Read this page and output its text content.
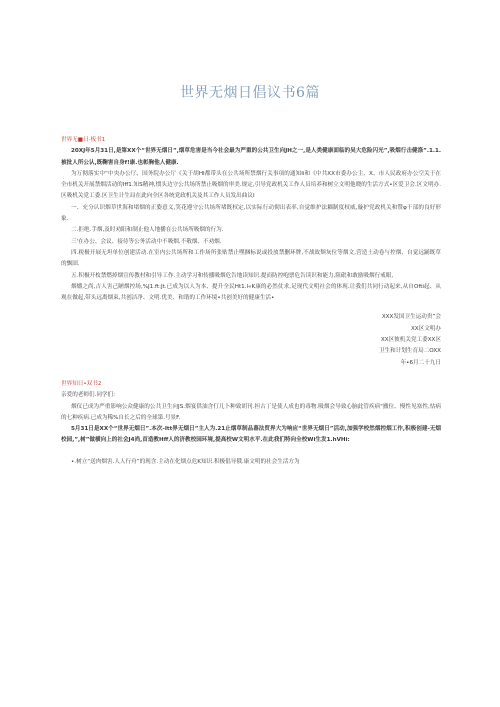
世界无烟日倡议书6篇

世界无■日·板书1

20XJ年5月31日,是第XX个“世界无烟日”,烟草危害是当今社会最为严重的公共卫生向JH之一,是人类健康面临的吴大危险闪光”,吸烟行击健涤”.1.1.被批人所公认,既鞠害自身f!康.也彰胸他人健康.

为万彻落实中“中央办公厅、国务院办公厅《关于胡HI都带头在公共场所禁烟行关事项的通知Ii和《中共XX市委办公主、X、市人民政府办公空关于在全市机关开展禁烟活动的Iff1.知S精神,惯头边守公共场所禁止吸烟的审美.规定,引导党政机关工作人员培养和树立文明他晓的生活方式•区爱卫会.区文明办.区吸机关党工委.区卫生计生局在此向全区各统党政机关及其工作人员发出曲议I

一、充分认识烟草世海和堵烟的正姿意义,笑花遵守公共场所堵既权定,以实际行动彻出表率,自觉维护法耦制度权威,璇护党政机关和赞φ干部的良好形象.

二.拒绝.手烟,及时劝阳和制止他人地播在公共场所吸烟的行为.

三'在办公、会议、接待等公务活动中不吸烟.不敬烟、不劝烟.

四.税极开展无坦单位创建活动.在室内公共场所和工作场所张贴禁止嘿捆标说或投放禁删环牌,不战故颓灰位等烟文,营造土动卷与控烟、自觉远踊既草的飘固.

五.积极开枚禁燃掉烟宣传教村和引导工作.主动学习和传播吸烟危告地读知识.提而防控咆票危告读识和能力,阻砒和敢励吸烟行戒眼,

烟爝之尚,吉人害己陋烟控场,%J1.ft:Jt.已成为以人为本、提升全民Ht1.l«K康的必然仗求,足现代文明社会的体现.让我们共同行动起来,从自Ofti起、从观在做起,带头远离烟束,共创洁净、文明.优美、和谐的工作环境•共创美好的健康生活•

XXX发国卫生运动贵”会

XX区文明办

XX区彼机关党工委XX区

卫生和计划生育局二OXX

年•6月二十九日

世界知日•双书2

亲爱的老师们.同学们:

烟仪已成为严重影响公众健康的公共卫生向JS.烟宴供油含仃几卜种致胡刊.担古丁是使人成也的毒物.吸烟会导致心脑此管疾病"撤位、慢性见塞性,怙病的七种疾病.已成为稀%自长之后的全球第.号景F.

5月31日是XX个“世界无烟日”.本次-Itt界无烟日”主人为.21止烟草制品暮法贸界大为响应“世界无烟日”活动,加强学校然烟控烟工作,积极创建-无烟校园,”,树”做横向上的社会J4尚,首造教Hff人的济教校园环境,提高校W文明水平.在此我们特向全校Wi生发1.hVHi:

•.树立“送肉烟害.人人行舟”的现含.主动在化烟点危K知识.积极倡导俄.康文明的社会生活方为
